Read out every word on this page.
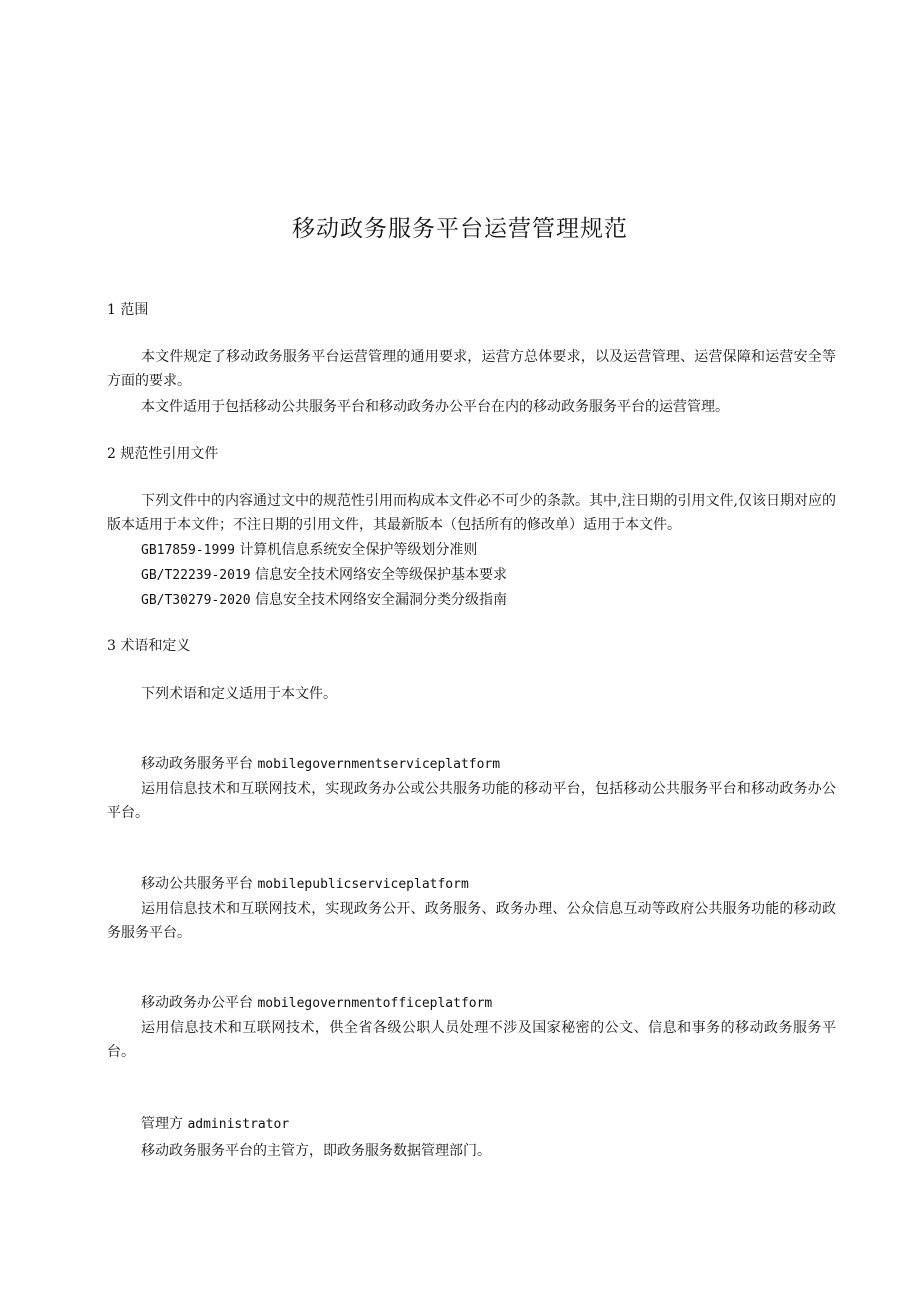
移动政务服务平台运营管理规范
1 范围
本文件规定了移动政务服务平台运营管理的通用要求，运营方总体要求，以及运营管理、运营保障和运营安全等方面的要求。
本文件适用于包括移动公共服务平台和移动政务办公平台在内的移动政务服务平台的运营管理。
2 规范性引用文件
下列文件中的内容通过文中的规范性引用而构成本文件必不可少的条款。其中,注日期的引用文件,仅该日期对应的版本适用于本文件；不注日期的引用文件，其最新版本（包括所有的修改单）适用于本文件。
GB17859-1999 计算机信息系统安全保护等级划分准则
GB/T22239-2019 信息安全技术网络安全等级保护基本要求
GB/T30279-2020 信息安全技术网络安全漏洞分类分级指南
3 术语和定义
下列术语和定义适用于本文件。
移动政务服务平台 mobilegovernmentserviceplatform
运用信息技术和互联网技术，实现政务办公或公共服务功能的移动平台，包括移动公共服务平台和移动政务办公平台。
移动公共服务平台 mobilepublicserviceplatform
运用信息技术和互联网技术，实现政务公开、政务服务、政务办理、公众信息互动等政府公共服务功能的移动政务服务平台。
移动政务办公平台 mobilegovernmentofficeplatform
运用信息技术和互联网技术，供全省各级公职人员处理不涉及国家秘密的公文、信息和事务的移动政务服务平台。
管理方 administrator
移动政务服务平台的主管方，即政务服务数据管理部门。
